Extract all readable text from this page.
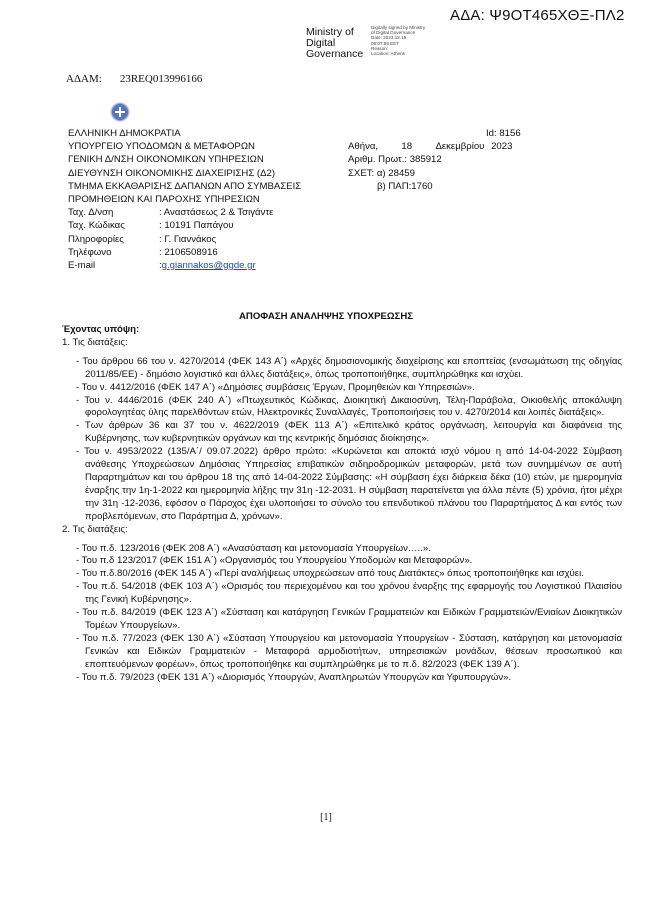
ΑΔΑ: Ψ9ΟΤ465ΧΘΞ-ΠΛ2
Ministry of
Digital
Governance
Digitally signed by Ministry
of Digital Governance
Date: 2023.12.19
08:07:56 EET
Reason:
Location: Athens
ΑΔΑΜ: 23REQ013996166
ΕΛΛΗΝΙΚΗ ΔΗΜΟΚΡΑΤΙΑ
ΥΠΟΥΡΓΕΙΟ ΥΠΟΔΟΜΩΝ & ΜΕΤΑΦΟΡΩΝ
ΓΕΝΙΚΗ Δ/ΝΣΗ ΟΙΚΟΝΟΜΙΚΩΝ ΥΠΗΡΕΣΙΩΝ
ΔΙΕΥΘΥΝΣΗ ΟΙΚΟΝΟΜΙΚΗΣ ΔΙΑΧΕΙΡΙΣΗΣ (Δ2)
ΤΜΗΜΑ ΕΚΚΑΘΑΡΙΣΗΣ ΔΑΠΑΝΩΝ ΑΠΟ ΣΥΜΒΑΣΕΙΣ
ΠΡΟΜΗΘΕΙΩΝ ΚΑΙ ΠΑΡΟΧΗΣ ΥΠΗΡΕΣΙΩΝ
Ταχ. Δ/νση	: Αναστάσεως 2 & Τσιγάντε
Ταχ. Κώδικας	: 10191 Παπάγου
Πληροφορίες	: Γ. Γιαννάκος
Τηλέφωνο	: 2106508916
E-mail	: g.giannakos@ggde.gr
Id: 8156
Αθήνα, 18 Δεκεμβρίου 2023
Αριθμ. Πρωτ.: 385912
ΣΧΕΤ: α) 28459
β) ΠΑΠ:1760
ΑΠΟΦΑΣΗ ΑΝΑΛΗΨΗΣ ΥΠΟΧΡΕΩΣΗΣ
Έχοντας υπόψη:
1. Τις διατάξεις:

- Του άρθρου 66 του ν. 4270/2014 (ΦΕΚ 143 Α΄) «Αρχές δημοσιονομικής διαχείρισης και εποπτείας (ενσωμάτωση της οδηγίας 2011/85/ΕΕ) - δημόσιο λογιστικό και άλλες διατάξεις», όπως τροποποιήθηκε, συμπληρώθηκε και ισχύει.

- Του ν. 4412/2016 (ΦΕΚ 147 Α΄) «Δημόσιες συμβάσεις Έργων, Προμηθειών και Υπηρεσιών».

- Του ν. 4446/2016 (ΦΕΚ 240 Α΄) «Πτωχευτικός Κώδικας, Διοικητική Δικαιοσύνη, Τέλη-Παράβολα, Οικιοθελής αποκάλυψη φορολογητέας ύλης παρελθόντων ετών, Ηλεκτρονικές Συναλλαγές, Τροποποιήσεις του ν. 4270/2014 και λοιπές διατάξεις».

- Των άρθρων 36 και 37 του ν. 4622/2019 (ΦΕΚ 113 Α΄) «Επιτελικό κράτος οργάνωση, λειτουργία και διαφάνεια της Κυβέρνησης, των κυβερνητικών οργάνων και της κεντρικής δημόσιας διοίκησης».

- Του ν. 4953/2022 (135/Α΄/ 09.07.2022) άρθρο πρώτο: «Κυρώνεται και αποκτά ισχύ νόμου η από 14-04-2022 Σύμβαση ανάθεσης Υποχρεώσεων Δημόσιας Υπηρεσίας επιβατικών σιδηροδρομικών μεταφορών, μετά των συνημμένων σε αυτή Παραρτημάτων και του άρθρου 18 της από 14-04-2022 Σύμβασης: «Η σύμβαση έχει διάρκεια δέκα (10) ετών, με ημερομηνία έναρξης την 1η-1-2022 και ημερομηνία λήξης την 31η -12-2031. Η σύμβαση παρατείνεται για άλλα πέντε (5) χρόνια, ήτοι μέχρι την 31η -12-2036, εφόσον ο Πάροχος έχει υλοποιήσει το σύνολο του επενδυτικού πλάνου του Παραρτήματος Δ και εντός των προβλεπόμενων, στο Παράρτημα Δ, χρόνων».

2. Τις διατάξεις:

- Του π.δ. 123/2016 (ΦΕΚ 208 Α΄) «Ανασύσταση και μετονομασία Υπουργείων…..».

- Του π.δ 123/2017 (ΦΕΚ 151 Α΄) «Οργανισμός του Υπουργείου Υποδομών και Μεταφορών».

- Του π.δ.80/2016 (ΦΕΚ 145 Α΄) «Περί αναλήψεως υποχρεώσεων από τους Διατάκτες» όπως τροποποιήθηκε και ισχύει.

- Του π.δ. 54/2018 (ΦΕΚ 103 Α΄) «Ορισμός του περιεχομένου και του χρόνου έναρξης της εφαρμογής του Λογιστικού Πλαισίου της Γενική Κυβέρνησης».

- Του π.δ. 84/2019 (ΦΕΚ 123 Α΄) «Σύσταση και κατάργηση Γενικών Γραμματειών και Ειδικών Γραμματειών/Ενιαίων Διοικητικών Τομέων Υπουργείων».

- Του π.δ. 77/2023 (ΦΕΚ 130 Α΄) «Σύσταση Υπουργείου και μετονομασία Υπουργείων - Σύσταση, κατάργηση και μετονομασία Γενικών και Ειδικών Γραμματειών - Μεταφορά αρμοδιοτήτων, υπηρεσιακών μονάδων, θέσεων προσωπικού και εποπτευόμενων φορέων», όπως τροποποιήθηκε και συμπληρώθηκε με το π.δ. 82/2023 (ΦΕΚ 139 Α΄).

- Του π.δ. 79/2023 (ΦΕΚ 131 Α΄) «Διορισμός Υπουργών, Αναπληρωτών Υπουργών και Υφυπουργών».

[1]
